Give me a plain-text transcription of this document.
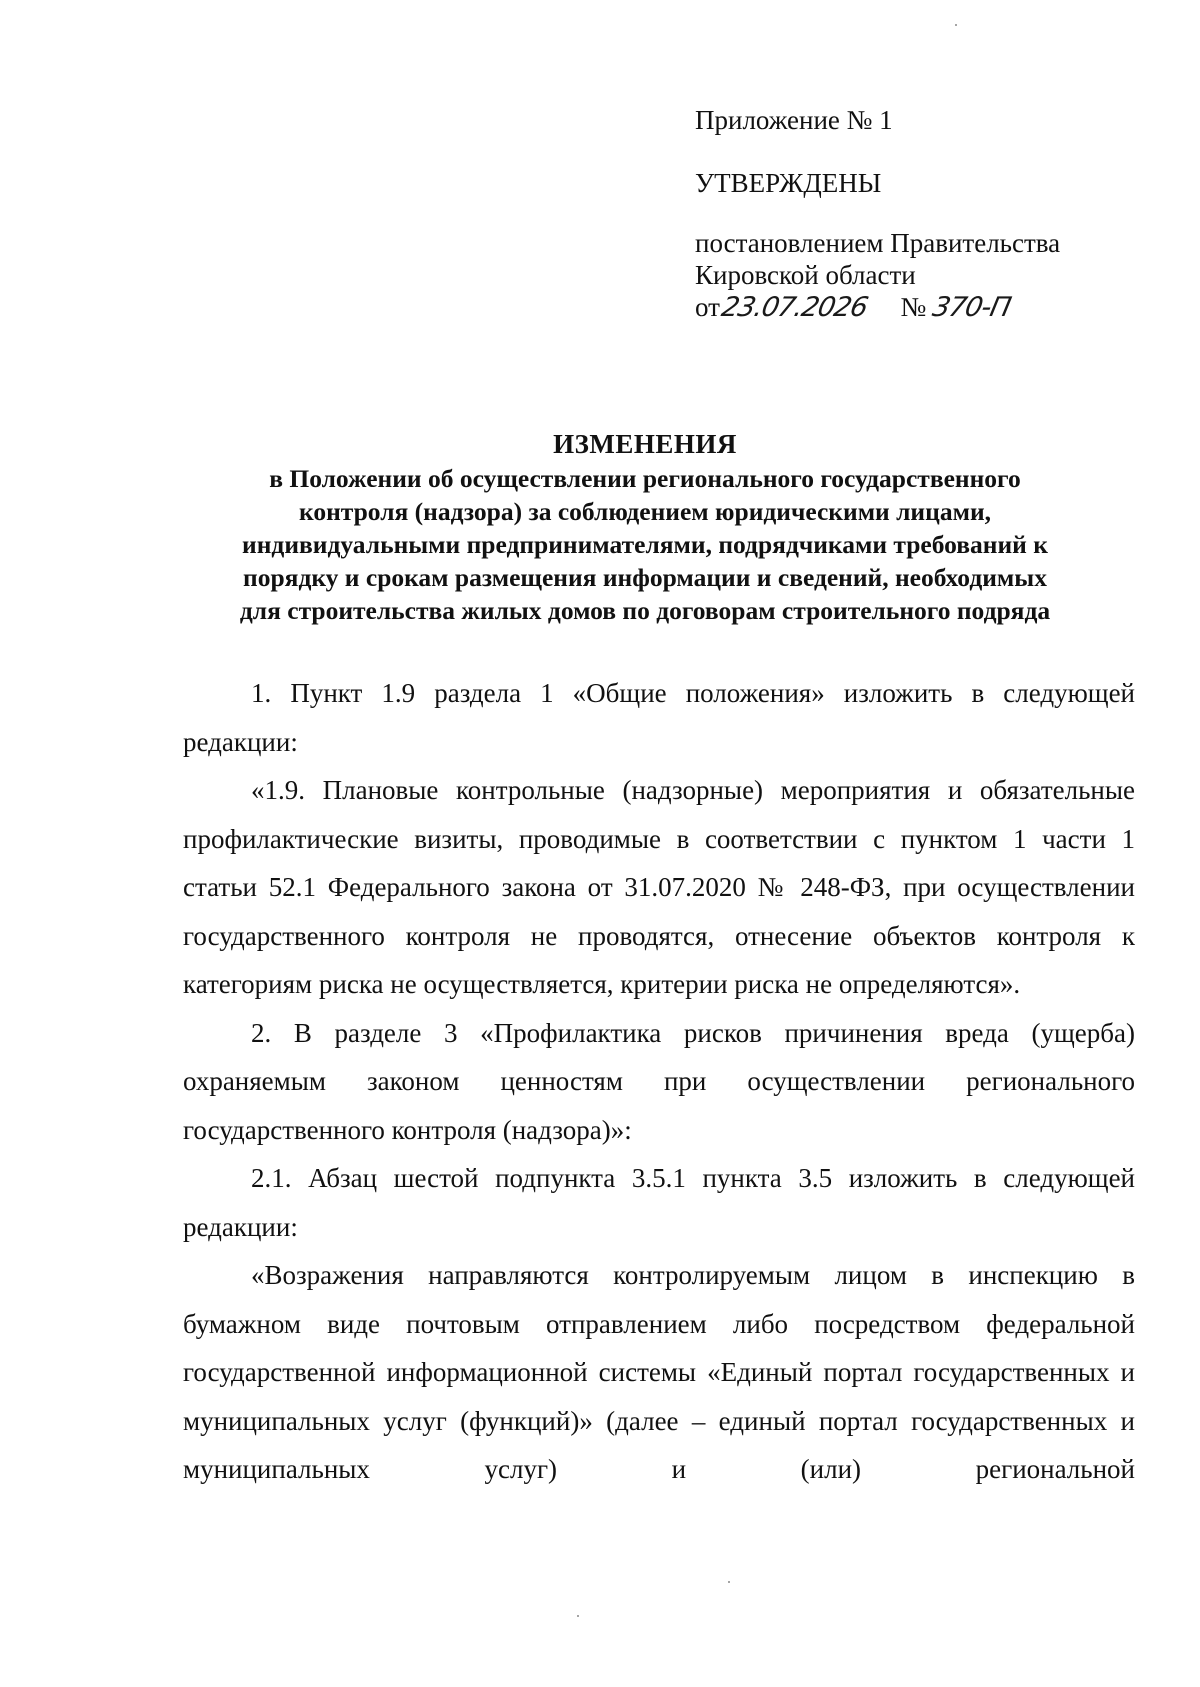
Приложение № 1
УТВЕРЖДЕНЫ
постановлением Правительства
Кировской области
от23.07.2026 № 370-П
ИЗМЕНЕНИЯ
в Положении об осуществлении регионального государственного
контроля (надзора) за соблюдением юридическими лицами,
индивидуальными предпринимателями, подрядчиками требований к
порядку и срокам размещения информации и сведений, необходимых
для строительства жилых домов по договорам строительного подряда

1. Пункт 1.9 раздела 1 «Общие положения» изложить в следующей редакции:

«1.9. Плановые контрольные (надзорные) мероприятия и обязательные профилактические визиты, проводимые в соответствии с пунктом 1 части 1 статьи 52.1 Федерального закона от 31.07.2020 № 248-ФЗ, при осуществлении государственного контроля не проводятся, отнесение объектов контроля к категориям риска не осуществляется, критерии риска не определяются».

2. В разделе 3 «Профилактика рисков причинения вреда (ущерба) охраняемым законом ценностям при осуществлении регионального государственного контроля (надзора)»:

2.1. Абзац шестой подпункта 3.5.1 пункта 3.5 изложить в следующей редакции:

«Возражения направляются контролируемым лицом в инспекцию в бумажном виде почтовым отправлением либо посредством федеральной государственной информационной системы «Единый портал государственных и муниципальных услуг (функций)» (далее – единый портал государственных и муниципальных услуг) и (или) региональной
